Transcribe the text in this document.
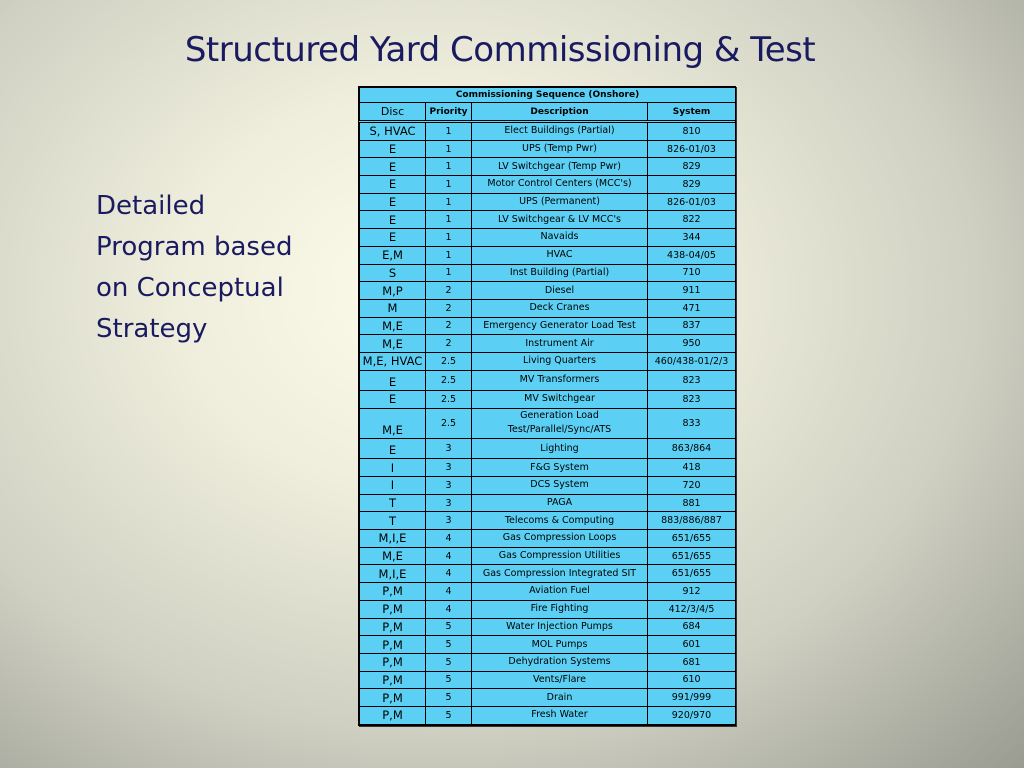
Structured Yard Commissioning & Test
Detailed
Program based
on Conceptual
Strategy
Commissioning Sequence (Onshore)			
Disc	Priority	Description	System
S, HVAC	1	Elect Buildings (Partial)	810
E	1	UPS (Temp Pwr)	826-01/03
E	1	LV Switchgear (Temp Pwr)	829
E	1	Motor Control Centers (MCC's)	829
E	1	UPS (Permanent)	826-01/03
E	1	LV Switchgear & LV MCC's	822
E	1	Navaids	344
E,M	1	HVAC	438-04/05
S	1	Inst Building (Partial)	710
M,P	2	Diesel	911
M	2	Deck Cranes	471
M,E	2	Emergency Generator Load Test	837
M,E	2	Instrument Air	950
M,E, HVAC	2.5	Living Quarters	460/438-01/2/3
E	2.5	MV Transformers	823
E	2.5	MV Switchgear	823
M,E	2.5	Generation Load Test/Parallel/Sync/ATS	833
E	3	Lighting	863/864
I	3	F&G System	418
I	3	DCS System	720
T	3	PAGA	881
T	3	Telecoms & Computing	883/886/887
M,I,E	4	Gas Compression Loops	651/655
M,E	4	Gas Compression Utilities	651/655
M,I,E	4	Gas Compression Integrated SIT	651/655
P,M	4	Aviation Fuel	912
P,M	4	Fire Fighting	412/3/4/5
P,M	5	Water Injection Pumps	684
P,M	5	MOL Pumps	601
P,M	5	Dehydration Systems	681
P,M	5	Vents/Flare	610
P,M	5	Drain	991/999
P,M	5	Fresh Water	920/970
